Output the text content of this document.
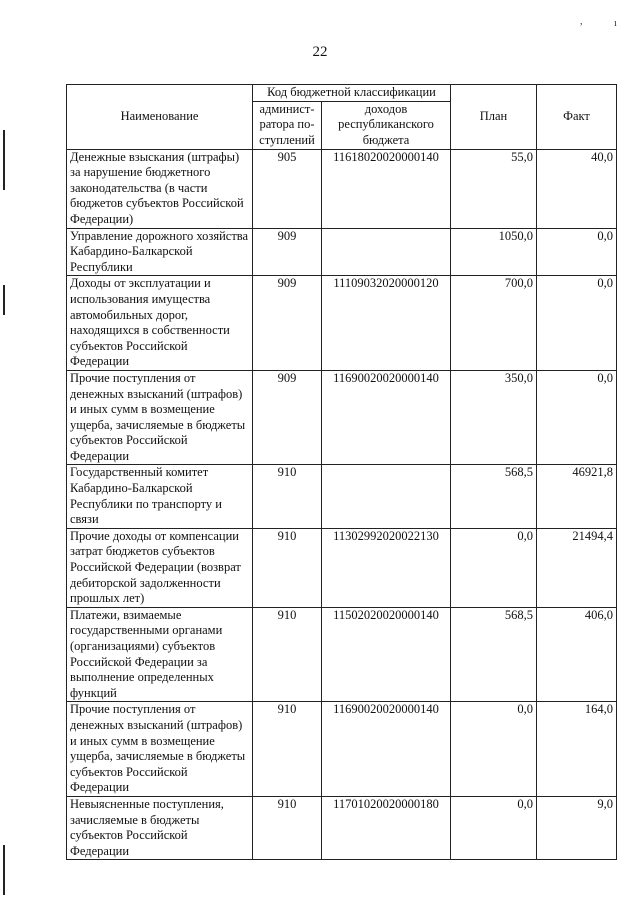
,	ı
22
Наименование	Код бюджетной классификации		План	Факт
	админист-ратора по-ступлений	доходов республиканского бюджета		
Денежные взыскания (штрафы) за нарушение бюджетного законодательства (в части бюджетов субъектов Российской Федерации)	905	11618020020000140	55,0	40,0
Управление дорожного хозяйства Кабардино-Балкарской Республики	909		1050,0	0,0
Доходы от эксплуатации и использования имущества автомобильных дорог, находящихся в собственности субъектов Российской Федерации	909	11109032020000120	700,0	0,0
Прочие поступления от денежных взысканий (штрафов) и иных сумм в возмещение ущерба, зачисляемые в бюджеты субъектов Российской Федерации	909	11690020020000140	350,0	0,0
Государственный комитет Кабардино-Балкарской Республики по транспорту и связи	910		568,5	46921,8
Прочие доходы от компенсации затрат бюджетов субъектов Российской Федерации (возврат дебиторской задолженности прошлых лет)	910	11302992020022130	0,0	21494,4
Платежи, взимаемые государственными органами (организациями) субъектов Российской Федерации за выполнение определенных функций	910	11502020020000140	568,5	406,0
Прочие поступления от денежных взысканий (штрафов) и иных сумм в возмещение ущерба, зачисляемые в бюджеты субъектов Российской Федерации	910	11690020020000140	0,0	164,0
Невыясненные поступления, зачисляемые в бюджеты субъектов Российской Федерации	910	11701020020000180	0,0	9,0
